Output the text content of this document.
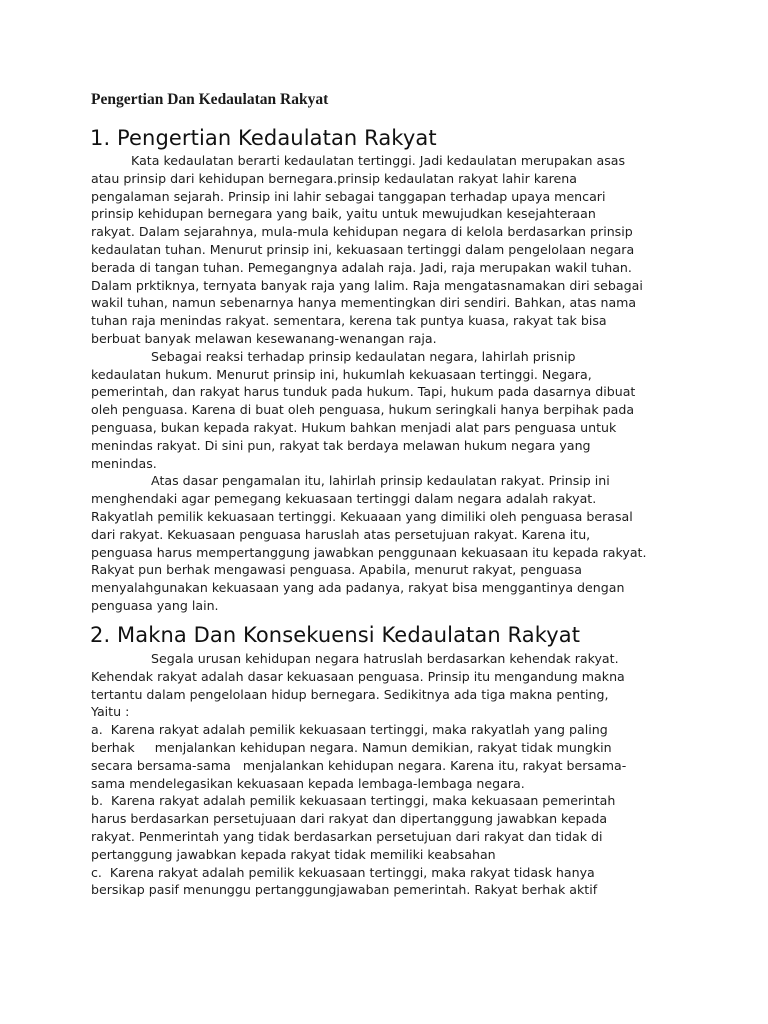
Pengertian Dan Kedaulatan Rakyat
1. Pengertian Kedaulatan Rakyat
Kata kedaulatan berarti kedaulatan tertinggi. Jadi kedaulatan merupakan asas
atau prinsip dari kehidupan bernegara.prinsip kedaulatan rakyat lahir karena
pengalaman sejarah. Prinsip ini lahir sebagai tanggapan terhadap upaya mencari
prinsip kehidupan bernegara yang baik, yaitu untuk mewujudkan kesejahteraan
rakyat. Dalam sejarahnya, mula-mula kehidupan negara di kelola berdasarkan prinsip
kedaulatan tuhan. Menurut prinsip ini, kekuasaan tertinggi dalam pengelolaan negara
berada di tangan tuhan. Pemegangnya adalah raja. Jadi, raja merupakan wakil tuhan.
Dalam prktiknya, ternyata banyak raja yang lalim. Raja mengatasnamakan diri sebagai
wakil tuhan, namun sebenarnya hanya mementingkan diri sendiri. Bahkan, atas nama
tuhan raja menindas rakyat. sementara, kerena tak puntya kuasa, rakyat tak bisa
berbuat banyak melawan kesewanang-wenangan raja.
Sebagai reaksi terhadap prinsip kedaulatan negara, lahirlah prisnip
kedaulatan hukum. Menurut prinsip ini, hukumlah kekuasaan tertinggi. Negara,
pemerintah, dan rakyat harus tunduk pada hukum. Tapi, hukum pada dasarnya dibuat
oleh penguasa. Karena di buat oleh penguasa, hukum seringkali hanya berpihak pada
penguasa, bukan kepada rakyat. Hukum bahkan menjadi alat pars penguasa untuk
menindas rakyat. Di sini pun, rakyat tak berdaya melawan hukum negara yang
menindas.
Atas dasar pengamalan itu, lahirlah prinsip kedaulatan rakyat. Prinsip ini
menghendaki agar pemegang kekuasaan tertinggi dalam negara adalah rakyat.
Rakyatlah pemilik kekuasaan tertinggi. Kekuaaan yang dimiliki oleh penguasa berasal
dari rakyat. Kekuasaan penguasa haruslah atas persetujuan rakyat. Karena itu,
penguasa harus mempertanggung jawabkan penggunaan kekuasaan itu kepada rakyat.
Rakyat pun berhak mengawasi penguasa. Apabila, menurut rakyat, penguasa
menyalahgunakan kekuasaan yang ada padanya, rakyat bisa menggantinya dengan
penguasa yang lain.
2. Makna Dan Konsekuensi Kedaulatan Rakyat
Segala urusan kehidupan negara hatruslah berdasarkan kehendak rakyat.
Kehendak rakyat adalah dasar kekuasaan penguasa. Prinsip itu mengandung makna
tertantu dalam pengelolaan hidup bernegara. Sedikitnya ada tiga makna penting,
Yaitu :
a.  Karena rakyat adalah pemilik kekuasaan tertinggi, maka rakyatlah yang paling
berhak     menjalankan kehidupan negara. Namun demikian, rakyat tidak mungkin
secara bersama-sama   menjalankan kehidupan negara. Karena itu, rakyat bersama-
sama mendelegasikan kekuasaan kepada lembaga-lembaga negara.
b.  Karena rakyat adalah pemilik kekuasaan tertinggi, maka kekuasaan pemerintah
harus berdasarkan persetujuaan dari rakyat dan dipertanggung jawabkan kepada
rakyat. Penmerintah yang tidak berdasarkan persetujuan dari rakyat dan tidak di
pertanggung jawabkan kepada rakyat tidak memiliki keabsahan
c.  Karena rakyat adalah pemilik kekuasaan tertinggi, maka rakyat tidask hanya
bersikap pasif menunggu pertanggungjawaban pemerintah. Rakyat berhak aktif
